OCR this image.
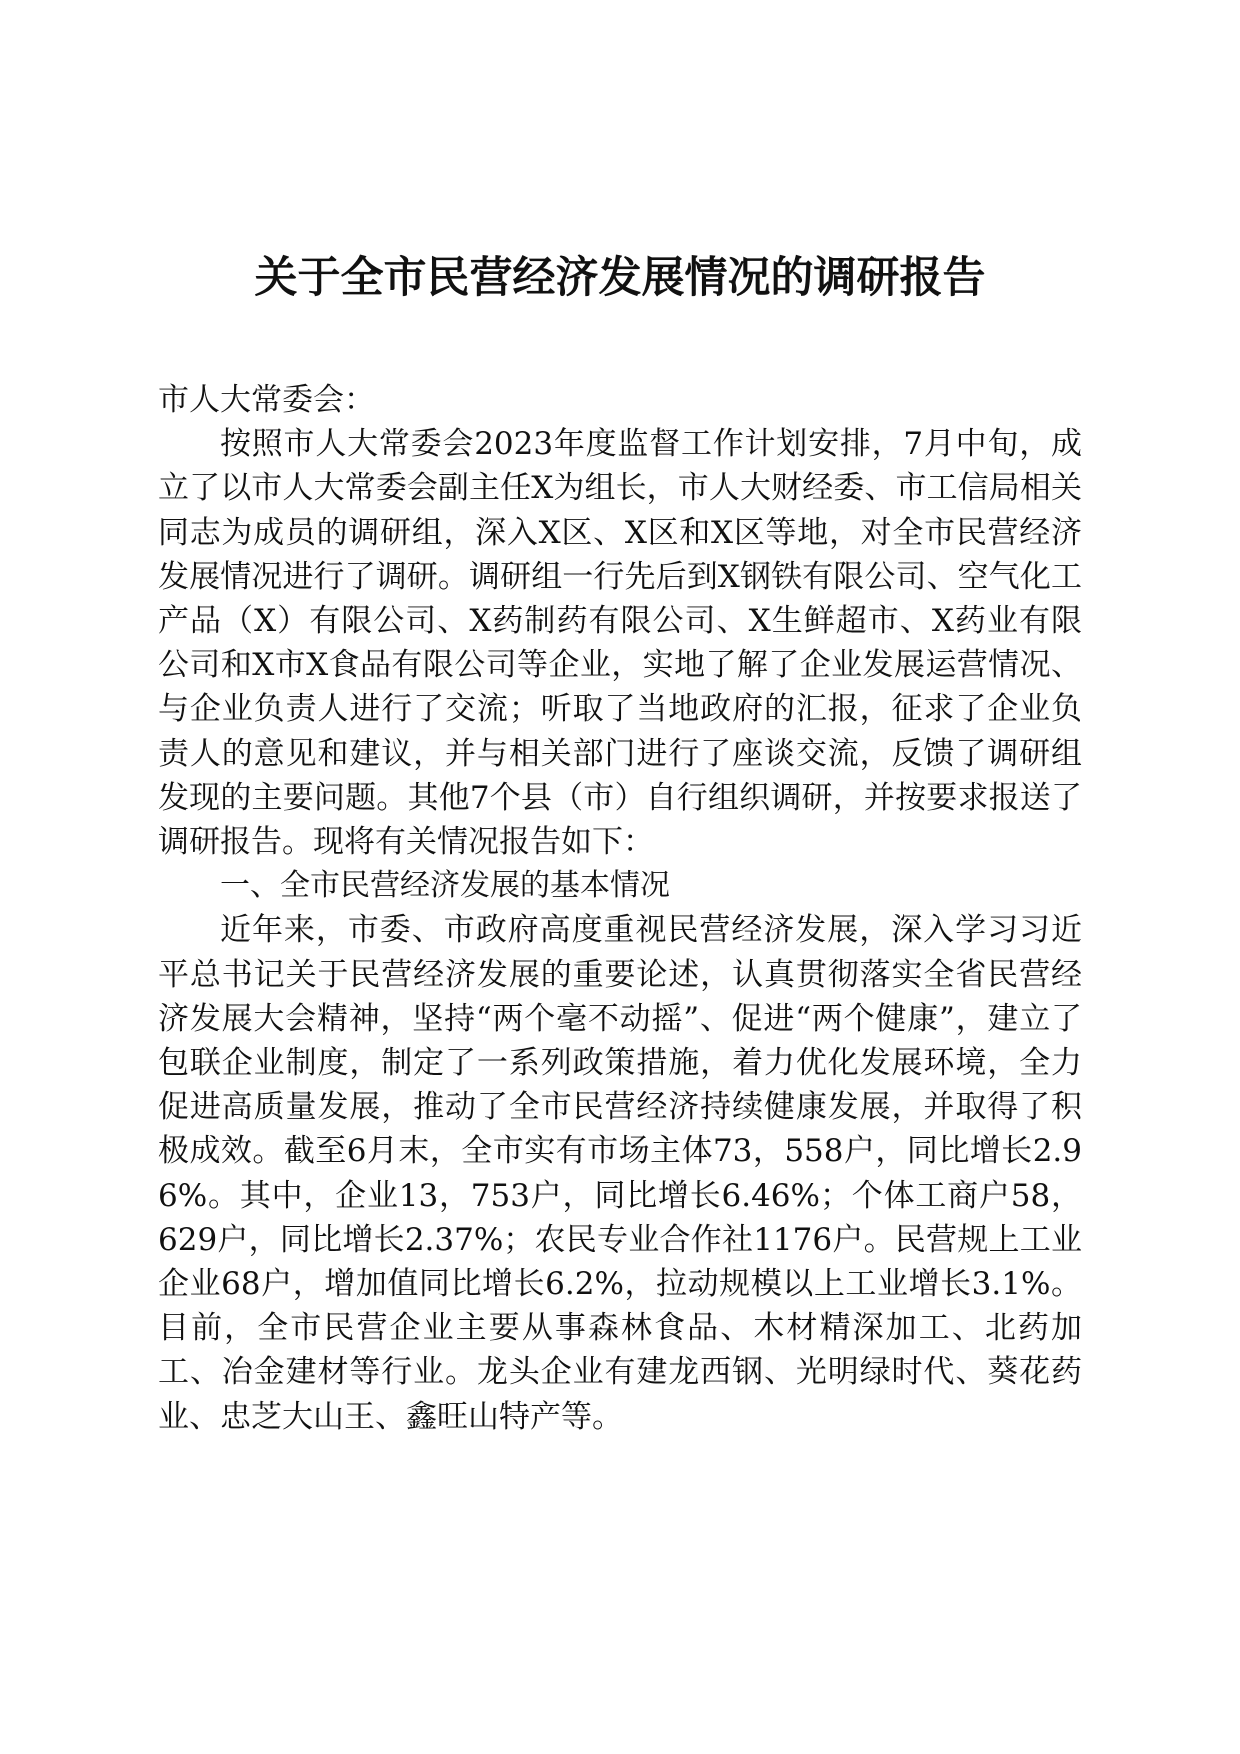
关于全市民营经济发展情况的调研报告

市人大常委会：

按照市人大常委会2023年度监督工作计划安排，7月中旬，成立了以市人大常委会副主任X为组长，市人大财经委、市工信局相关同志为成员的调研组，深入X区、X区和X区等地，对全市民营经济发展情况进行了调研。调研组一行先后到X钢铁有限公司、空气化工产品（X）有限公司、X药制药有限公司、X生鲜超市、X药业有限公司和X市X食品有限公司等企业，实地了解了企业发展运营情况、与企业负责人进行了交流；听取了当地政府的汇报，征求了企业负责人的意见和建议，并与相关部门进行了座谈交流，反馈了调研组发现的主要问题。其他7个县（市）自行组织调研，并按要求报送了调研报告。现将有关情况报告如下：

一、全市民营经济发展的基本情况

近年来，市委、市政府高度重视民营经济发展，深入学习习近平总书记关于民营经济发展的重要论述，认真贯彻落实全省民营经济发展大会精神，坚持“两个毫不动摇”、促进“两个健康”，建立了包联企业制度，制定了一系列政策措施，着力优化发展环境，全力促进高质量发展，推动了全市民营经济持续健康发展，并取得了积极成效。截至6月末，全市实有市场主体73，558户，同比增长2.96%。其中，企业13，753户，同比增长6.46%；个体工商户58，629户，同比增长2.37%；农民专业合作社1176户。民营规上工业企业68户，增加值同比增长6.2%，拉动规模以上工业增长3.1%。目前，全市民营企业主要从事森林食品、木材精深加工、北药加工、冶金建材等行业。龙头企业有建龙西钢、光明绿时代、葵花药业、忠芝大山王、鑫旺山特产等。
